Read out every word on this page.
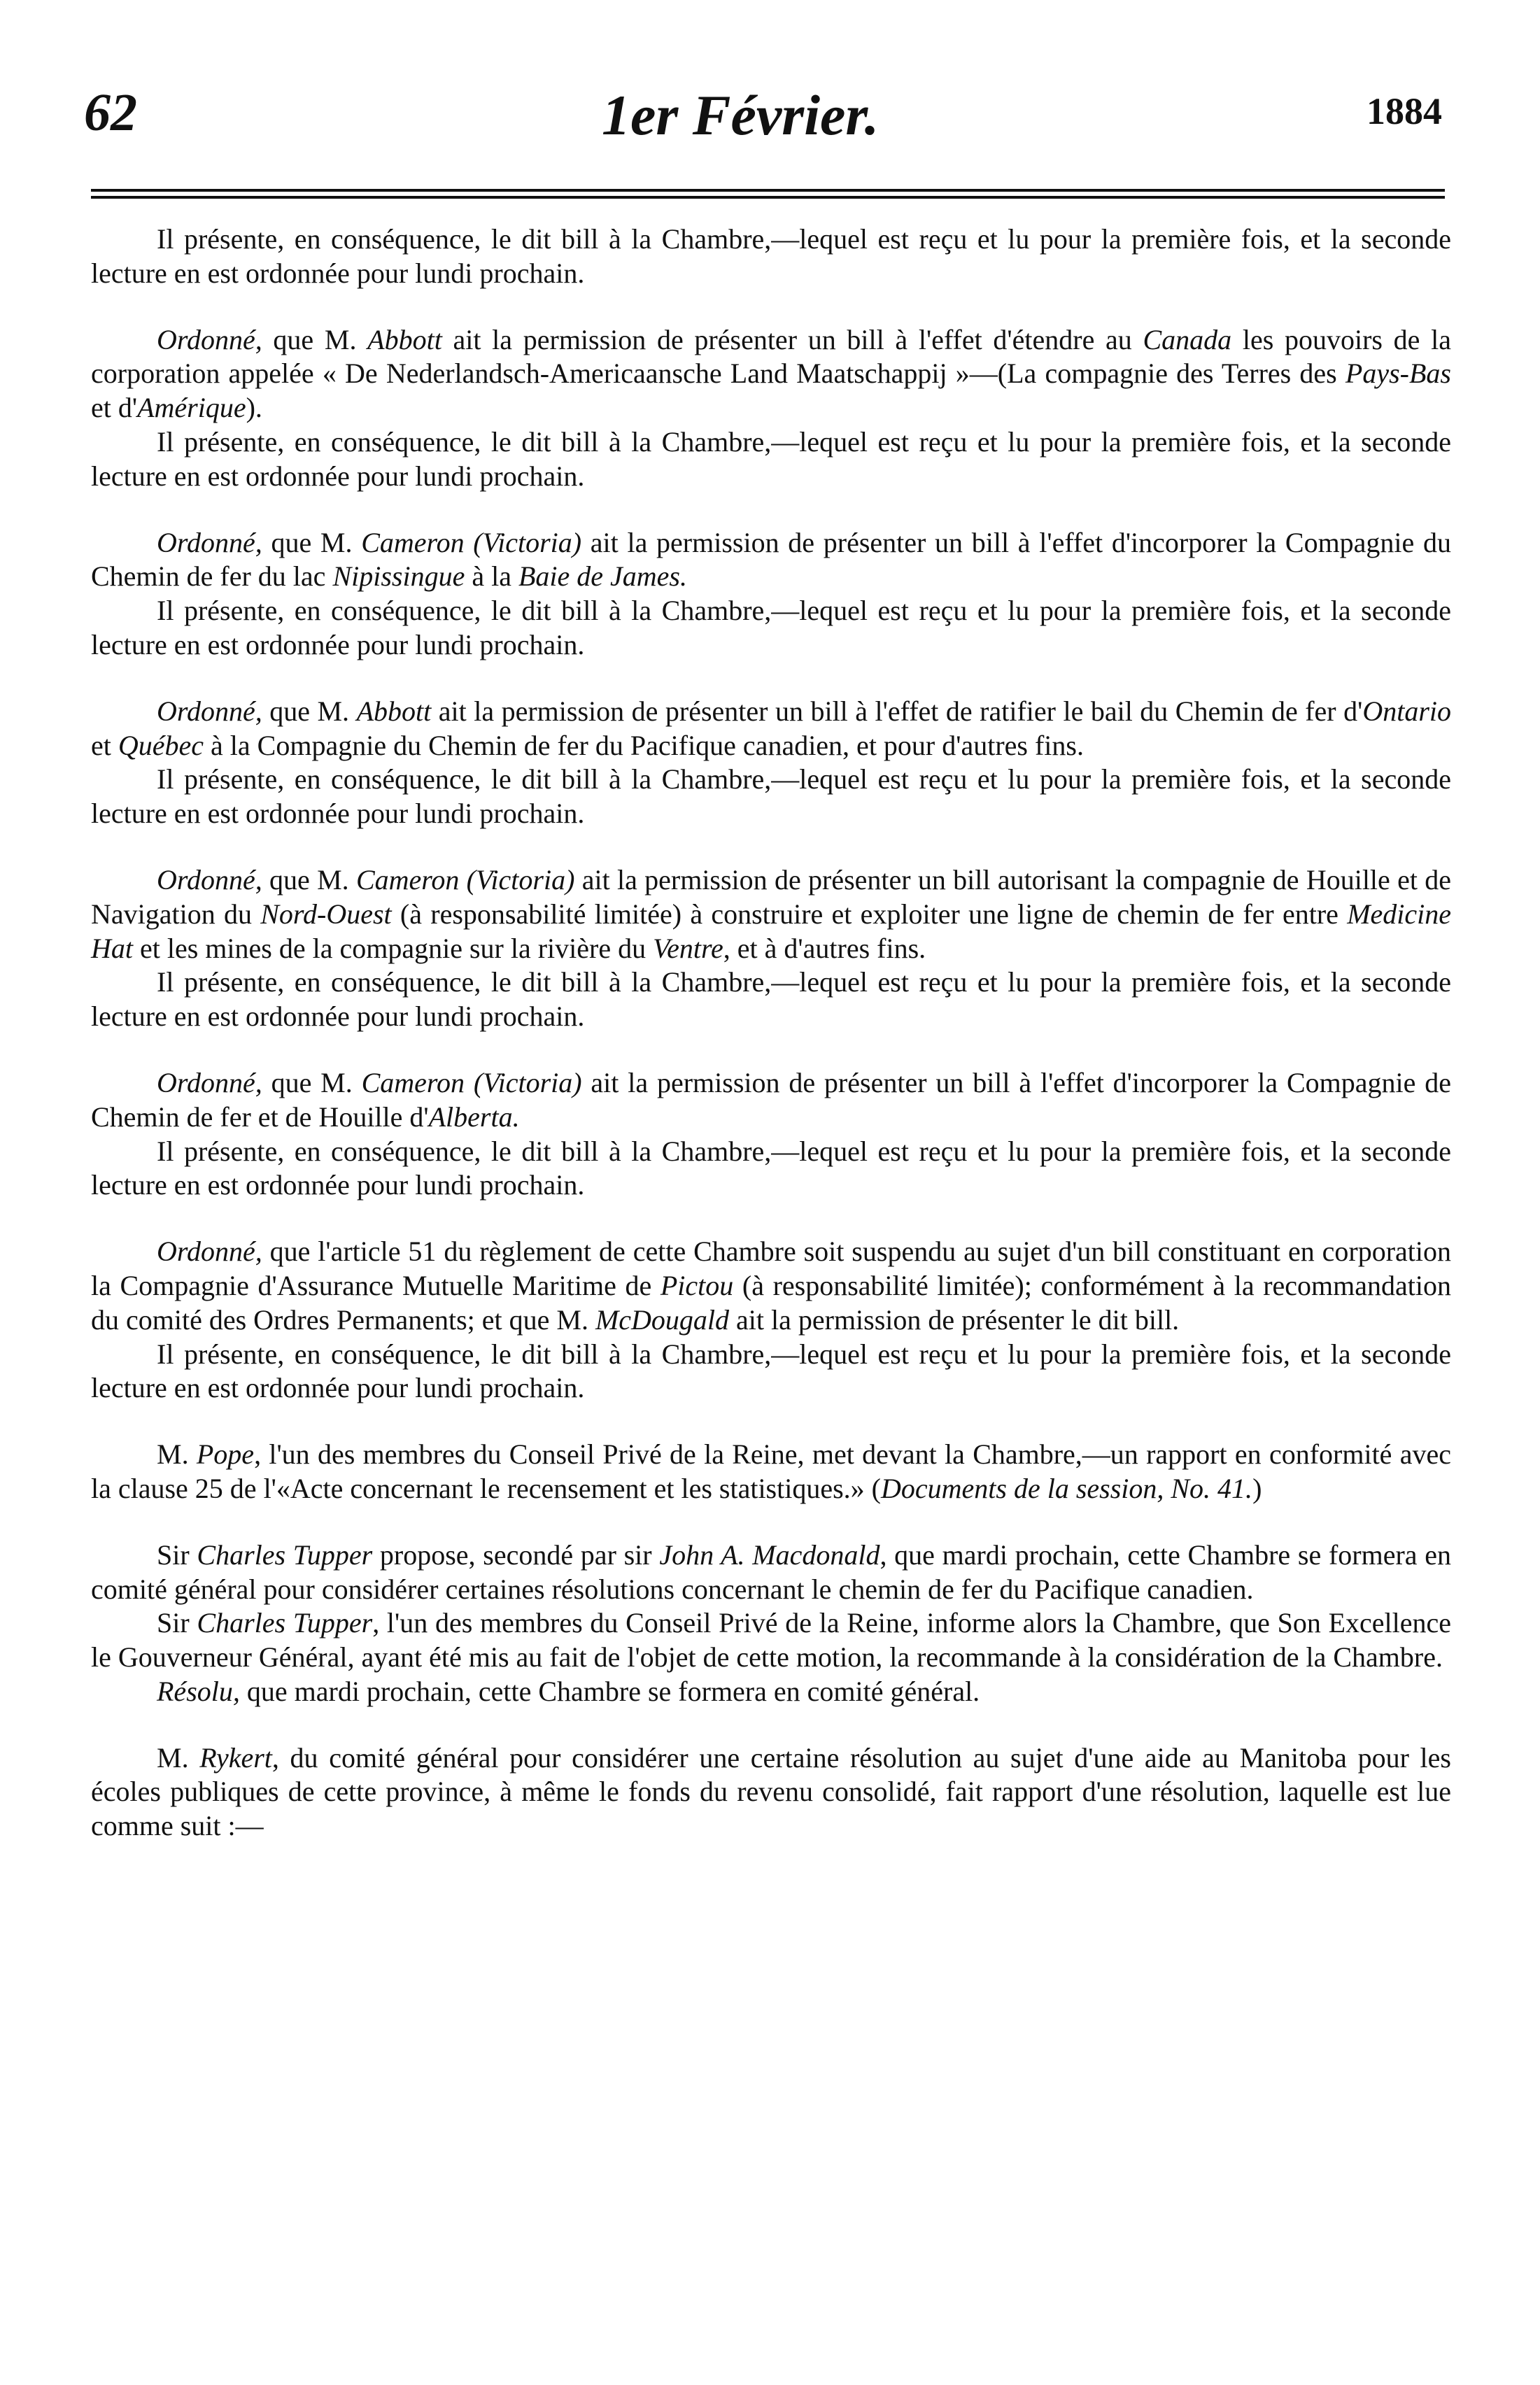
62	1er Février.	1884

Il présente, en conséquence, le dit bill à la Chambre,—lequel est reçu et lu pour la première fois, et la seconde lecture en est ordonnée pour lundi prochain.

Ordonné, que M. Abbott ait la permission de présenter un bill à l'effet d'étendre au Canada les pouvoirs de la corporation appelée « De Nederlandsch-Americaansche Land Maatschappij »—(La compagnie des Terres des Pays-Bas et d'Amérique).

Il présente, en conséquence, le dit bill à la Chambre,—lequel est reçu et lu pour la première fois, et la seconde lecture en est ordonnée pour lundi prochain.

Ordonné, que M. Cameron (Victoria) ait la permission de présenter un bill à l'effet d'incorporer la Compagnie du Chemin de fer du lac Nipissingue à la Baie de James.

Il présente, en conséquence, le dit bill à la Chambre,—lequel est reçu et lu pour la première fois, et la seconde lecture en est ordonnée pour lundi prochain.

Ordonné, que M. Abbott ait la permission de présenter un bill à l'effet de ratifier le bail du Chemin de fer d'Ontario et Québec à la Compagnie du Chemin de fer du Pacifique canadien, et pour d'autres fins.

Il présente, en conséquence, le dit bill à la Chambre,—lequel est reçu et lu pour la première fois, et la seconde lecture en est ordonnée pour lundi prochain.

Ordonné, que M. Cameron (Victoria) ait la permission de présenter un bill autorisant la compagnie de Houille et de Navigation du Nord-Ouest (à responsabilité limitée) à construire et exploiter une ligne de chemin de fer entre Medicine Hat et les mines de la compagnie sur la rivière du Ventre, et à d'autres fins.

Il présente, en conséquence, le dit bill à la Chambre,—lequel est reçu et lu pour la première fois, et la seconde lecture en est ordonnée pour lundi prochain.

Ordonné, que M. Cameron (Victoria) ait la permission de présenter un bill à l'effet d'incorporer la Compagnie de Chemin de fer et de Houille d'Alberta.

Il présente, en conséquence, le dit bill à la Chambre,—lequel est reçu et lu pour la première fois, et la seconde lecture en est ordonnée pour lundi prochain.

Ordonné, que l'article 51 du règlement de cette Chambre soit suspendu au sujet d'un bill constituant en corporation la Compagnie d'Assurance Mutuelle Maritime de Pictou (à responsabilité limitée); conformément à la recommandation du comité des Ordres Permanents; et que M. McDougald ait la permission de présenter le dit bill.

Il présente, en conséquence, le dit bill à la Chambre,—lequel est reçu et lu pour la première fois, et la seconde lecture en est ordonnée pour lundi prochain.

M. Pope, l'un des membres du Conseil Privé de la Reine, met devant la Chambre,—un rapport en conformité avec la clause 25 de l'«Acte concernant le recensement et les statistiques.» (Documents de la session, No. 41.)

Sir Charles Tupper propose, secondé par sir John A. Macdonald, que mardi prochain, cette Chambre se formera en comité général pour considérer certaines résolutions concernant le chemin de fer du Pacifique canadien.

Sir Charles Tupper, l'un des membres du Conseil Privé de la Reine, informe alors la Chambre, que Son Excellence le Gouverneur Général, ayant été mis au fait de l'objet de cette motion, la recommande à la considération de la Chambre.

Résolu, que mardi prochain, cette Chambre se formera en comité général.

M. Rykert, du comité général pour considérer une certaine résolution au sujet d'une aide au Manitoba pour les écoles publiques de cette province, à même le fonds du revenu consolidé, fait rapport d'une résolution, laquelle est lue comme suit :—
